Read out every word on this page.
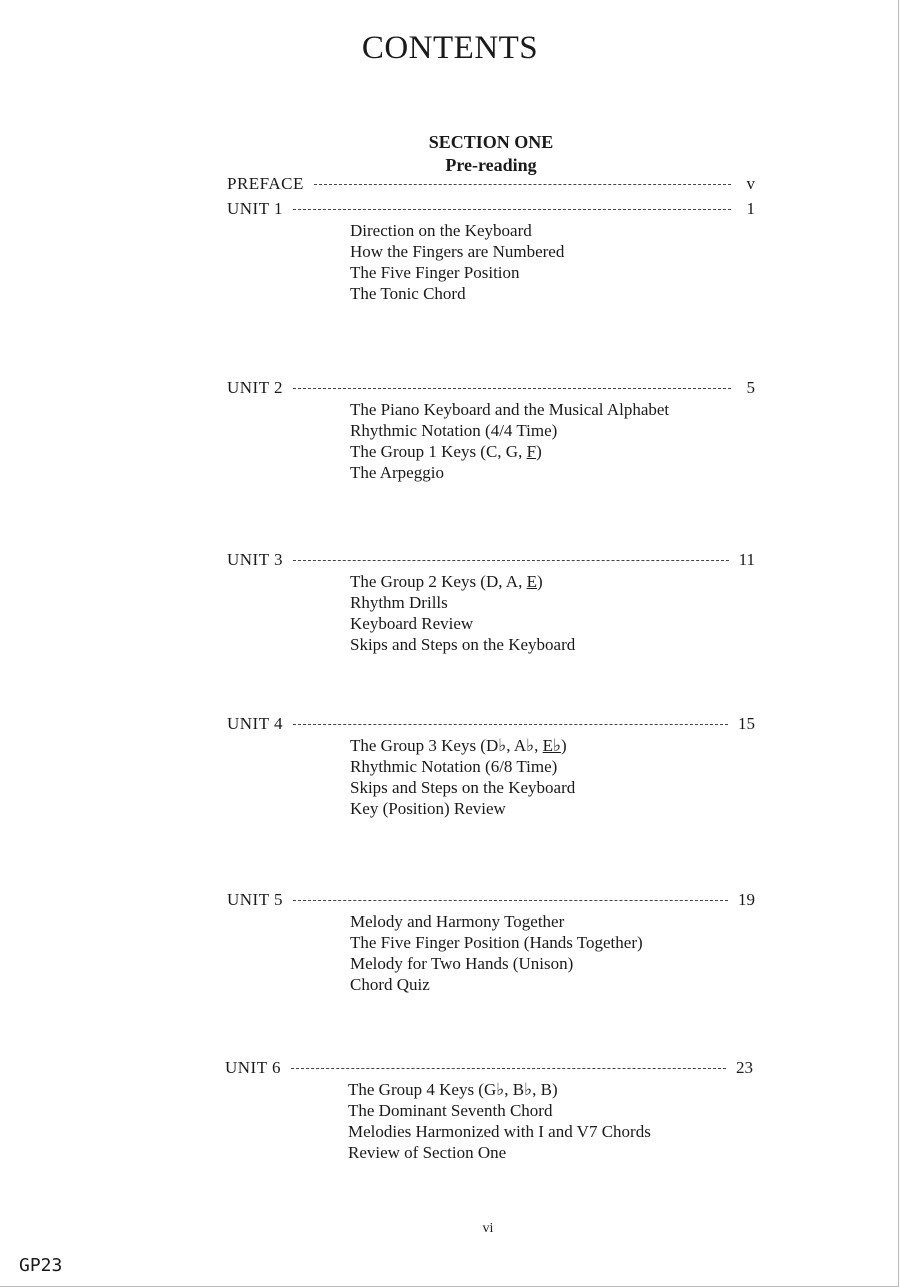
CONTENTS
SECTION ONE
Pre-reading
PREFACE	v
UNIT 1	1
Direction on the Keyboard
How the Fingers are Numbered
The Five Finger Position
The Tonic Chord
UNIT 2	5
The Piano Keyboard and the Musical Alphabet
Rhythmic Notation (4/4 Time)
The Group 1 Keys (C, G, F)
The Arpeggio
UNIT 3	11
The Group 2 Keys (D, A, E)
Rhythm Drills
Keyboard Review
Skips and Steps on the Keyboard
UNIT 4	15
The Group 3 Keys (D♭, A♭, E♭)
Rhythmic Notation (6/8 Time)
Skips and Steps on the Keyboard
Key (Position) Review
UNIT 5	19
Melody and Harmony Together
The Five Finger Position (Hands Together)
Melody for Two Hands (Unison)
Chord Quiz
UNIT 6	23
The Group 4 Keys (G♭, B♭, B)
The Dominant Seventh Chord
Melodies Harmonized with I and V7 Chords
Review of Section One
vi
GP23
